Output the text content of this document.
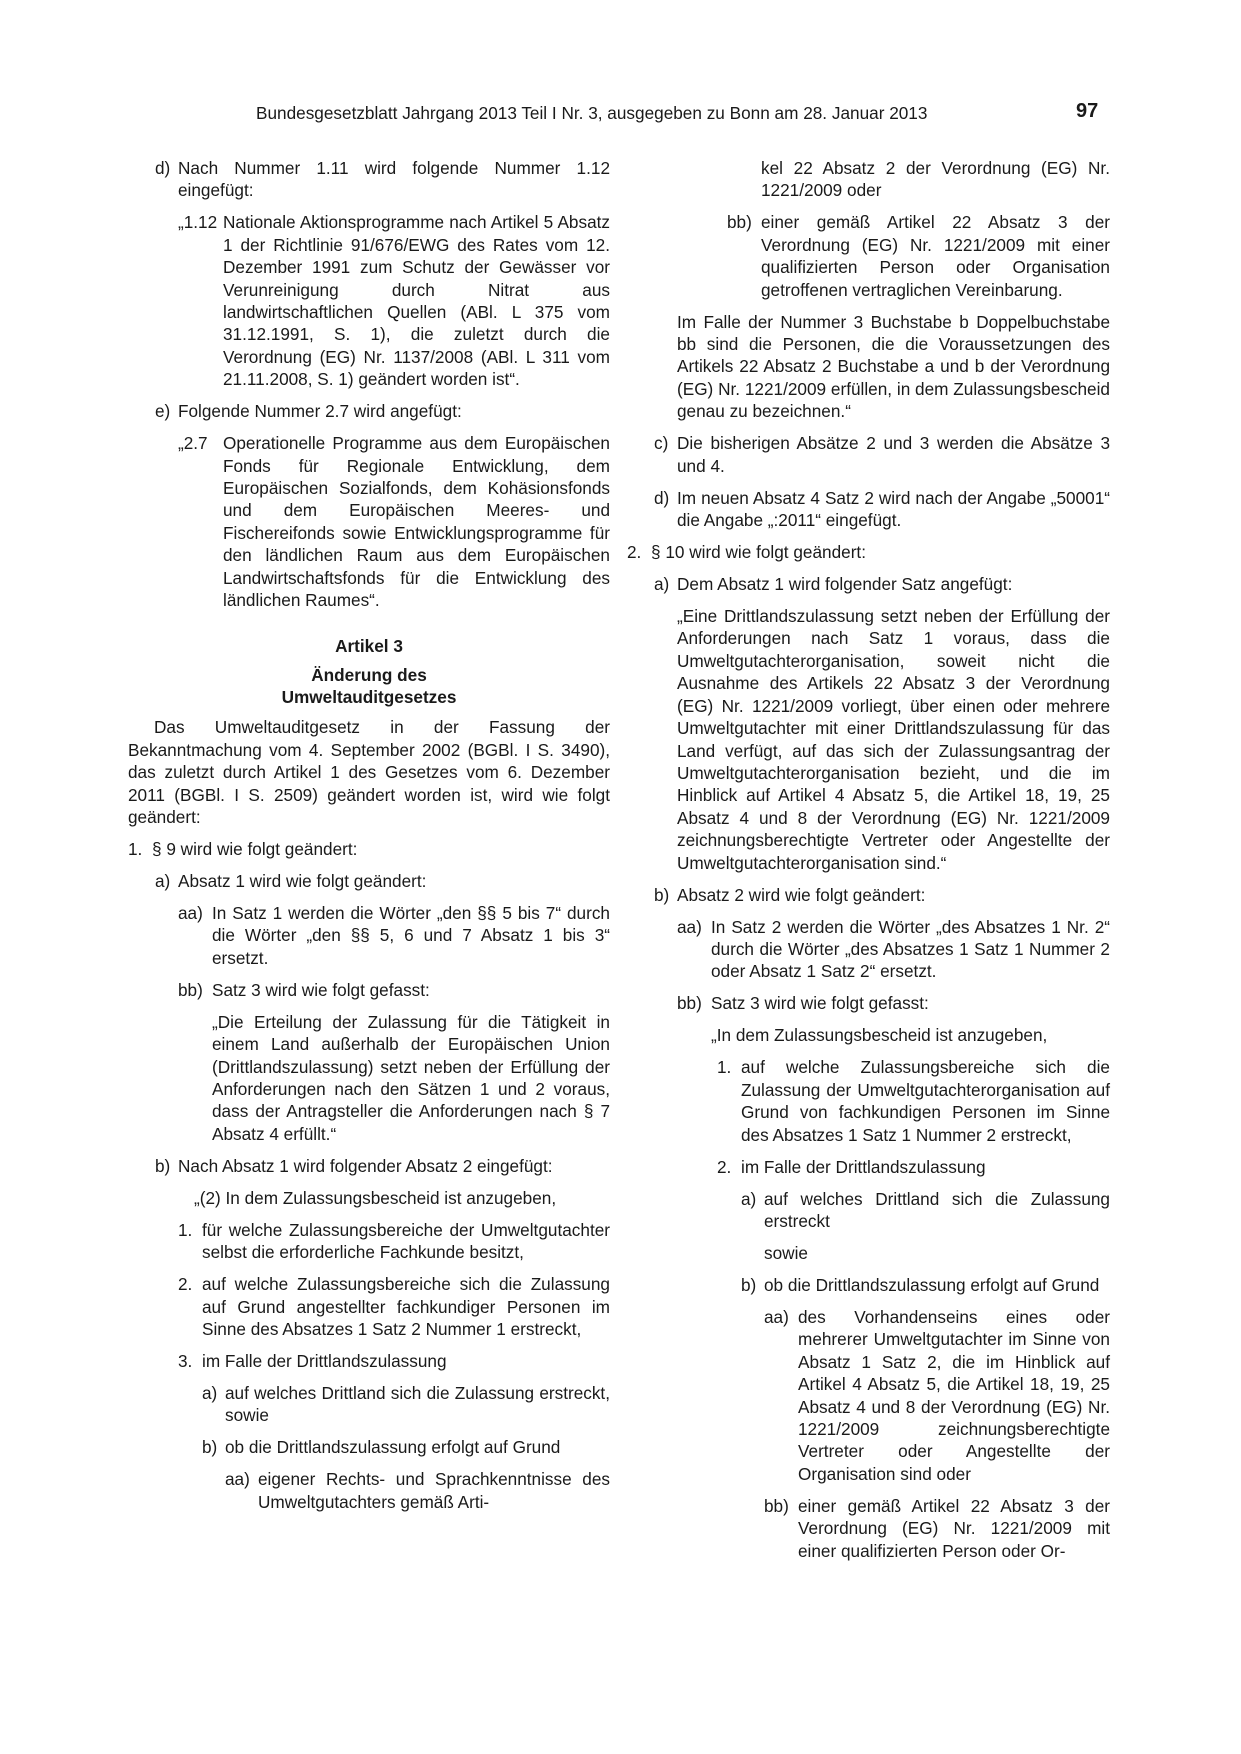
Bundesgesetzblatt Jahrgang 2013 Teil I Nr. 3, ausgegeben zu Bonn am 28. Januar 2013	97
d) Nach Nummer 1.11 wird folgende Nummer 1.12 eingefügt:
„1.12 Nationale Aktionsprogramme nach Artikel 5 Absatz 1 der Richtlinie 91/676/EWG des Rates vom 12. Dezember 1991 zum Schutz der Gewässer vor Verunreinigung durch Nitrat aus landwirtschaftlichen Quellen (ABl. L 375 vom 31.12.1991, S. 1), die zuletzt durch die Verordnung (EG) Nr. 1137/2008 (ABl. L 311 vom 21.11.2008, S. 1) geändert worden ist“.
e) Folgende Nummer 2.7 wird angefügt:
„2.7 Operationelle Programme aus dem Europäischen Fonds für Regionale Entwicklung, dem Europäischen Sozialfonds, dem Kohäsionsfonds und dem Europäischen Meeres- und Fischereifonds sowie Entwicklungsprogramme für den ländlichen Raum aus dem Europäischen Landwirtschaftsfonds für die Entwicklung des ländlichen Raumes“.
Artikel 3
Änderung des
Umweltauditgesetzes
Das Umweltauditgesetz in der Fassung der Bekanntmachung vom 4. September 2002 (BGBl. I S. 3490), das zuletzt durch Artikel 1 des Gesetzes vom 6. Dezember 2011 (BGBl. I S. 2509) geändert worden ist, wird wie folgt geändert:
1. § 9 wird wie folgt geändert:
a) Absatz 1 wird wie folgt geändert:
aa) In Satz 1 werden die Wörter „den §§ 5 bis 7“ durch die Wörter „den §§ 5, 6 und 7 Absatz 1 bis 3“ ersetzt.
bb) Satz 3 wird wie folgt gefasst:
„Die Erteilung der Zulassung für die Tätigkeit in einem Land außerhalb der Europäischen Union (Drittlandszulassung) setzt neben der Erfüllung der Anforderungen nach den Sätzen 1 und 2 voraus, dass der Antragsteller die Anforderungen nach § 7 Absatz 4 erfüllt.“
b) Nach Absatz 1 wird folgender Absatz 2 eingefügt:
„(2) In dem Zulassungsbescheid ist anzugeben,
1. für welche Zulassungsbereiche der Umweltgutachter selbst die erforderliche Fachkunde besitzt,
2. auf welche Zulassungsbereiche sich die Zulassung auf Grund angestellter fachkundiger Personen im Sinne des Absatzes 1 Satz 2 Nummer 1 erstreckt,
3. im Falle der Drittlandszulassung
a) auf welches Drittland sich die Zulassung erstreckt, sowie
b) ob die Drittlandszulassung erfolgt auf Grund
aa) eigener Rechts- und Sprachkenntnisse des Umweltgutachters gemäß Arti-
kel 22 Absatz 2 der Verordnung (EG) Nr. 1221/2009 oder
bb) einer gemäß Artikel 22 Absatz 3 der Verordnung (EG) Nr. 1221/2009 mit einer qualifizierten Person oder Organisation getroffenen vertraglichen Vereinbarung.
Im Falle der Nummer 3 Buchstabe b Doppelbuchstabe bb sind die Personen, die die Voraussetzungen des Artikels 22 Absatz 2 Buchstabe a und b der Verordnung (EG) Nr. 1221/2009 erfüllen, in dem Zulassungsbescheid genau zu bezeichnen.“
c) Die bisherigen Absätze 2 und 3 werden die Absätze 3 und 4.
d) Im neuen Absatz 4 Satz 2 wird nach der Angabe „50001“ die Angabe „:2011“ eingefügt.
2. § 10 wird wie folgt geändert:
a) Dem Absatz 1 wird folgender Satz angefügt:
„Eine Drittlandszulassung setzt neben der Erfüllung der Anforderungen nach Satz 1 voraus, dass die Umweltgutachterorganisation, soweit nicht die Ausnahme des Artikels 22 Absatz 3 der Verordnung (EG) Nr. 1221/2009 vorliegt, über einen oder mehrere Umweltgutachter mit einer Drittlandszulassung für das Land verfügt, auf das sich der Zulassungsantrag der Umweltgutachterorganisation bezieht, und die im Hinblick auf Artikel 4 Absatz 5, die Artikel 18, 19, 25 Absatz 4 und 8 der Verordnung (EG) Nr. 1221/2009 zeichnungsberechtigte Vertreter oder Angestellte der Umweltgutachterorganisation sind.“
b) Absatz 2 wird wie folgt geändert:
aa) In Satz 2 werden die Wörter „des Absatzes 1 Nr. 2“ durch die Wörter „des Absatzes 1 Satz 1 Nummer 2 oder Absatz 1 Satz 2“ ersetzt.
bb) Satz 3 wird wie folgt gefasst:
„In dem Zulassungsbescheid ist anzugeben,
1. auf welche Zulassungsbereiche sich die Zulassung der Umweltgutachterorganisation auf Grund von fachkundigen Personen im Sinne des Absatzes 1 Satz 1 Nummer 2 erstreckt,
2. im Falle der Drittlandszulassung
a) auf welches Drittland sich die Zulassung erstreckt
sowie
b) ob die Drittlandszulassung erfolgt auf Grund
aa) des Vorhandenseins eines oder mehrerer Umweltgutachter im Sinne von Absatz 1 Satz 2, die im Hinblick auf Artikel 4 Absatz 5, die Artikel 18, 19, 25 Absatz 4 und 8 der Verordnung (EG) Nr. 1221/2009 zeichnungsberechtigte Vertreter oder Angestellte der Organisation sind oder
bb) einer gemäß Artikel 22 Absatz 3 der Verordnung (EG) Nr. 1221/2009 mit einer qualifizierten Person oder Or-
